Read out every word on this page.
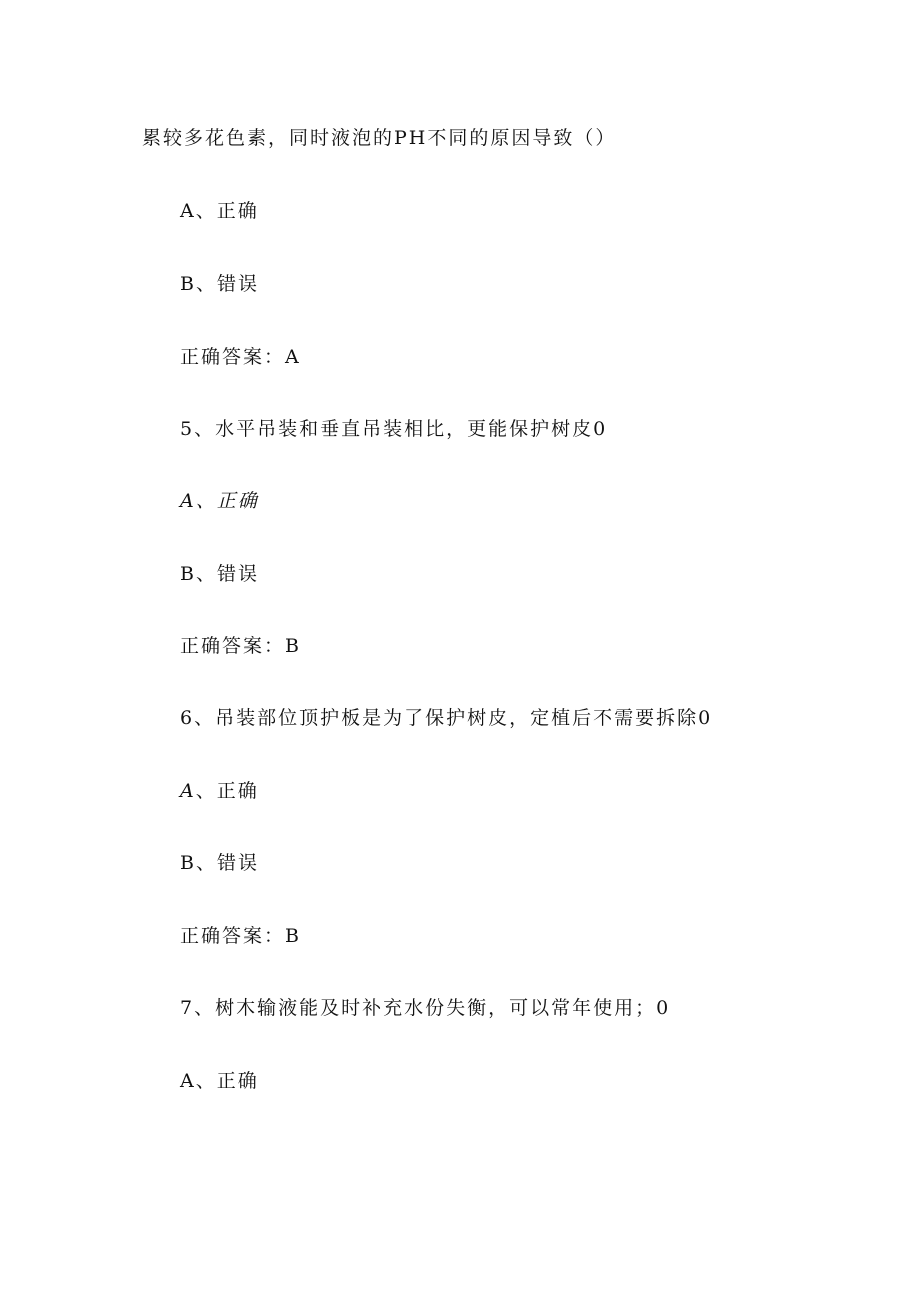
累较多花色素，同时液泡的PH不同的原因导致（）
A、正确
B、错误
正确答案：A
5、水平吊装和垂直吊装相比，更能保护树皮0
A、正确
B、错误
正确答案：B
6、吊装部位顶护板是为了保护树皮，定植后不需要拆除0
A、正确
B、错误
正确答案：B
7、树木输液能及时补充水份失衡，可以常年使用；0
A、正确
